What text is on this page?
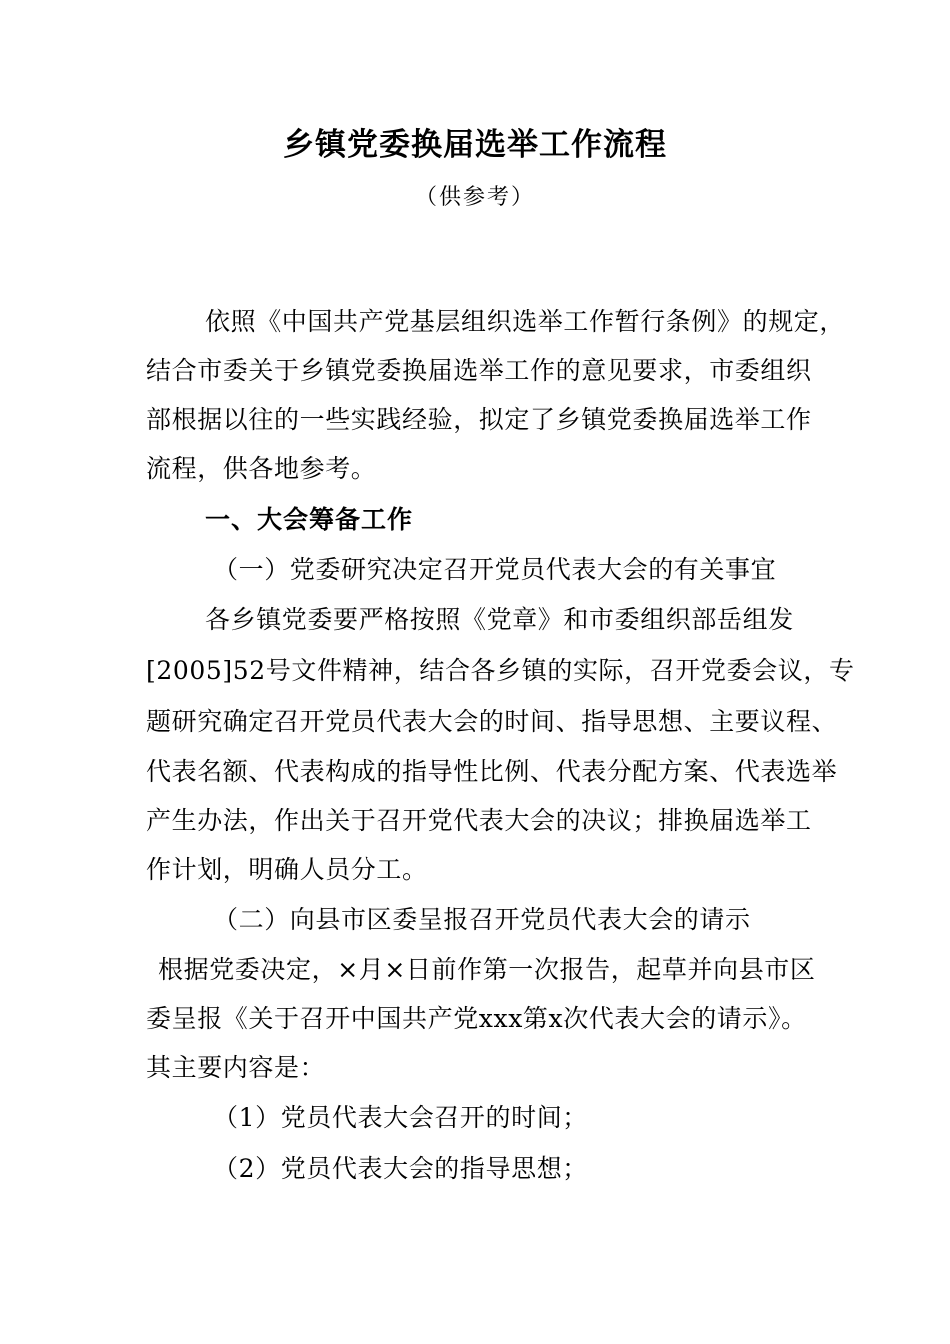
乡镇党委换届选举工作流程
（供参考）
依照《中国共产党基层组织选举工作暂行条例》的规定，
结合市委关于乡镇党委换届选举工作的意见要求，市委组织
部根据以往的一些实践经验，拟定了乡镇党委换届选举工作
流程，供各地参考。
一、大会筹备工作
（一）党委研究决定召开党员代表大会的有关事宜
各乡镇党委要严格按照《党章》和市委组织部岳组发
[2005]52号文件精神，结合各乡镇的实际，召开党委会议，专
题研究确定召开党员代表大会的时间、指导思想、主要议程、
代表名额、代表构成的指导性比例、代表分配方案、代表选举
产生办法，作出关于召开党代表大会的决议；排换届选举工
作计划，明确人员分工。
（二）向县市区委呈报召开党员代表大会的请示
根据党委决定，×月×日前作第一次报告，起草并向县市区
委呈报《关于召开中国共产党xxx第x次代表大会的请示》。
其主要内容是：
（1）党员代表大会召开的时间；
（2）党员代表大会的指导思想；
